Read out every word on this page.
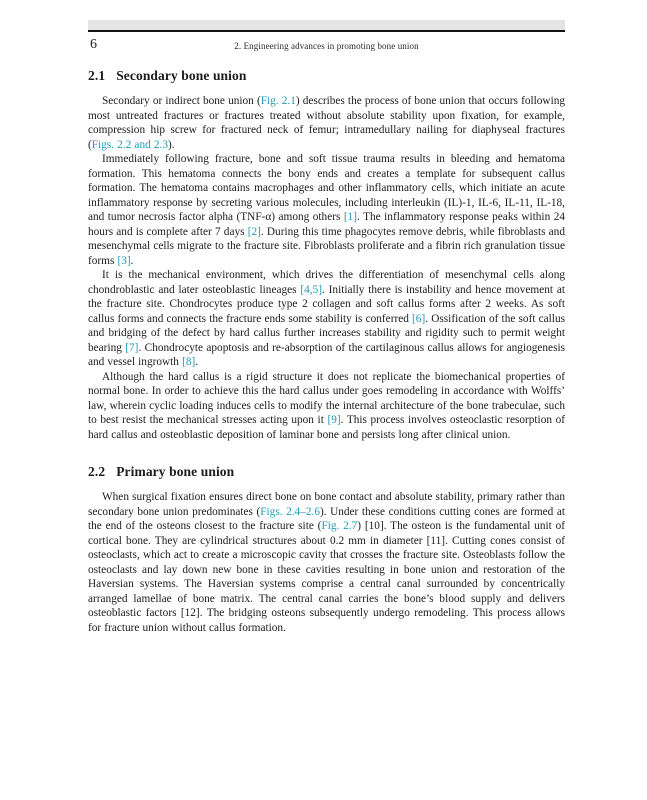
6	2. Engineering advances in promoting bone union
2.1 Secondary bone union

Secondary or indirect bone union (Fig. 2.1) describes the process of bone union that occurs following most untreated fractures or fractures treated without absolute stability upon fixation, for example, compression hip screw for fractured neck of femur; intramedullary nailing for diaphyseal fractures (Figs. 2.2 and 2.3).

Immediately following fracture, bone and soft tissue trauma results in bleeding and hematoma formation. This hematoma connects the bony ends and creates a template for subsequent callus formation. The hematoma contains macrophages and other inflammatory cells, which initiate an acute inflammatory response by secreting various molecules, including interleukin (IL)-1, IL-6, IL-11, IL-18, and tumor necrosis factor alpha (TNF-α) among others [1]. The inflammatory response peaks within 24 hours and is complete after 7 days [2]. During this time phagocytes remove debris, while fibroblasts and mesenchymal cells migrate to the fracture site. Fibroblasts proliferate and a fibrin rich granulation tissue forms [3].

It is the mechanical environment, which drives the differentiation of mesenchymal cells along chondroblastic and later osteoblastic lineages [4,5]. Initially there is instability and hence movement at the fracture site. Chondrocytes produce type 2 collagen and soft callus forms after 2 weeks. As soft callus forms and connects the fracture ends some stability is conferred [6]. Ossification of the soft callus and bridging of the defect by hard callus further increases stability and rigidity such to permit weight bearing [7]. Chondrocyte apoptosis and re-absorption of the cartilaginous callus allows for angiogenesis and vessel ingrowth [8].

Although the hard callus is a rigid structure it does not replicate the biomechanical properties of normal bone. In order to achieve this the hard callus under goes remodeling in accordance with Wolffs’ law, wherein cyclic loading induces cells to modify the internal architecture of the bone trabeculae, such to best resist the mechanical stresses acting upon it [9]. This process involves osteoclastic resorption of hard callus and osteoblastic deposition of laminar bone and persists long after clinical union.

2.2 Primary bone union

When surgical fixation ensures direct bone on bone contact and absolute stability, primary rather than secondary bone union predominates (Figs. 2.4–2.6). Under these conditions cutting cones are formed at the end of the osteons closest to the fracture site (Fig. 2.7) [10]. The osteon is the fundamental unit of cortical bone. They are cylindrical structures about 0.2 mm in diameter [11]. Cutting cones consist of osteoclasts, which act to create a microscopic cavity that crosses the fracture site. Osteoblasts follow the osteoclasts and lay down new bone in these cavities resulting in bone union and restoration of the Haversian systems. The Haversian systems comprise a central canal surrounded by concentrically arranged lamellae of bone matrix. The central canal carries the bone’s blood supply and delivers osteoblastic factors [12]. The bridging osteons subsequently undergo remodeling. This process allows for fracture union without callus formation.
